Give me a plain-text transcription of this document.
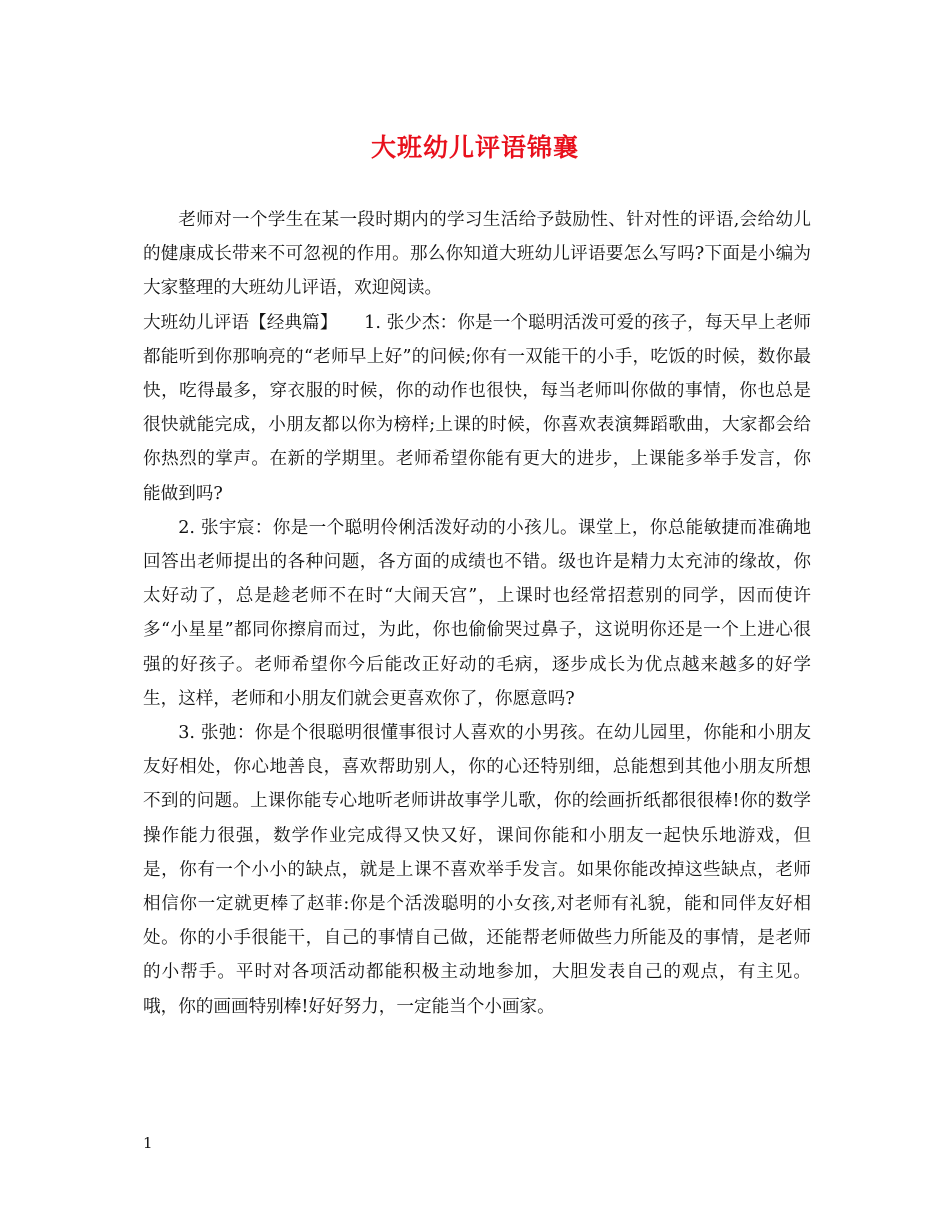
大班幼儿评语锦襄

老师对一个学生在某一段时期内的学习生活给予鼓励性、针对性的评语,会给幼儿的健康成长带来不可忽视的作用。那么你知道大班幼儿评语要怎么写吗?下面是小编为大家整理的大班幼儿评语，欢迎阅读。

大班幼儿评语【经典篇】　　1. 张少杰：你是一个聪明活泼可爱的孩子，每天早上老师都能听到你那响亮的“老师早上好”的问候;你有一双能干的小手，吃饭的时候，数你最快，吃得最多，穿衣服的时候，你的动作也很快，每当老师叫你做的事情，你也总是很快就能完成，小朋友都以你为榜样;上课的时候，你喜欢表演舞蹈歌曲，大家都会给你热烈的掌声。在新的学期里。老师希望你能有更大的进步，上课能多举手发言，你能做到吗?

2. 张宇宸：你是一个聪明伶俐活泼好动的小孩儿。课堂上，你总能敏捷而准确地回答出老师提出的各种问题，各方面的成绩也不错。级也许是精力太充沛的缘故，你太好动了，总是趁老师不在时“大闹天宫”，上课时也经常招惹别的同学，因而使许多“小星星”都同你擦肩而过，为此，你也偷偷哭过鼻子，这说明你还是一个上进心很强的好孩子。老师希望你今后能改正好动的毛病，逐步成长为优点越来越多的好学生，这样，老师和小朋友们就会更喜欢你了，你愿意吗?

3. 张弛：你是个很聪明很懂事很讨人喜欢的小男孩。在幼儿园里，你能和小朋友友好相处，你心地善良，喜欢帮助别人，你的心还特别细，总能想到其他小朋友所想不到的问题。上课你能专心地听老师讲故事学儿歌，你的绘画折纸都很很棒!你的数学操作能力很强，数学作业完成得又快又好，课间你能和小朋友一起快乐地游戏，但是，你有一个小小的缺点，就是上课不喜欢举手发言。如果你能改掉这些缺点，老师相信你一定就更棒了赵菲:你是个活泼聪明的小女孩,对老师有礼貌，能和同伴友好相处。你的小手很能干，自己的事情自己做，还能帮老师做些力所能及的事情，是老师的小帮手。平时对各项活动都能积极主动地参加，大胆发表自己的观点，有主见。哦，你的画画特别棒!好好努力，一定能当个小画家。

1
